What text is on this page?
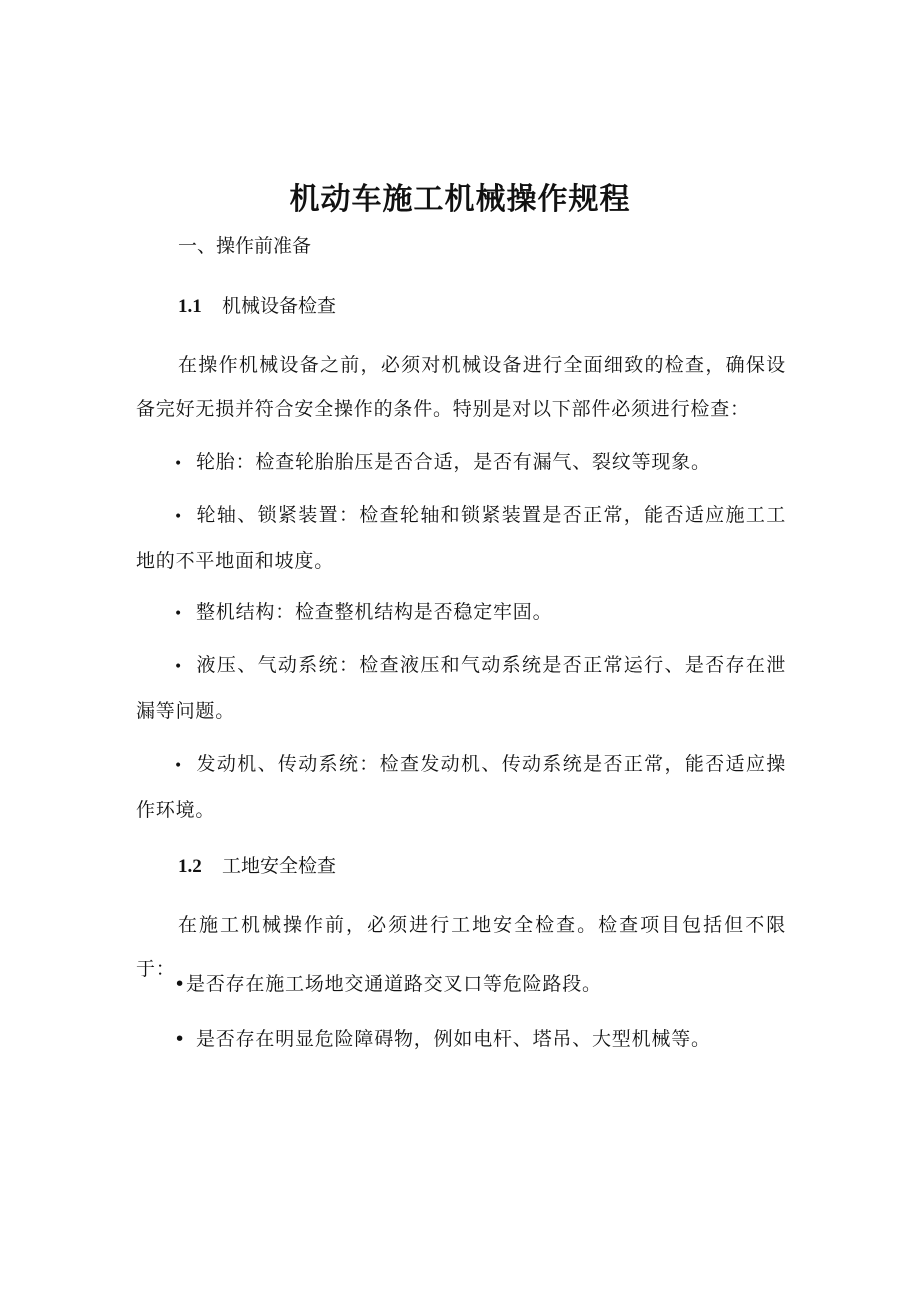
机动车施工机械操作规程

一、操作前准备

1.1 机械设备检查

在操作机械设备之前，必须对机械设备进行全面细致的检查，确保设备完好无损并符合安全操作的条件。特别是对以下部件必须进行检查：

• 轮胎：检查轮胎胎压是否合适，是否有漏气、裂纹等现象。

• 轮轴、锁紧装置：检查轮轴和锁紧装置是否正常，能否适应施工工地的不平地面和坡度。

• 整机结构：检查整机结构是否稳定牢固。

• 液压、气动系统：检查液压和气动系统是否正常运行、是否存在泄漏等问题。

• 发动机、传动系统：检查发动机、传动系统是否正常，能否适应操作环境。

1.2 工地安全检查

在施工机械操作前，必须进行工地安全检查。检查项目包括但不限于：

•是否存在施工场地交通道路交叉口等危险路段。

• 是否存在明显危险障碍物，例如电杆、塔吊、大型机械等。
